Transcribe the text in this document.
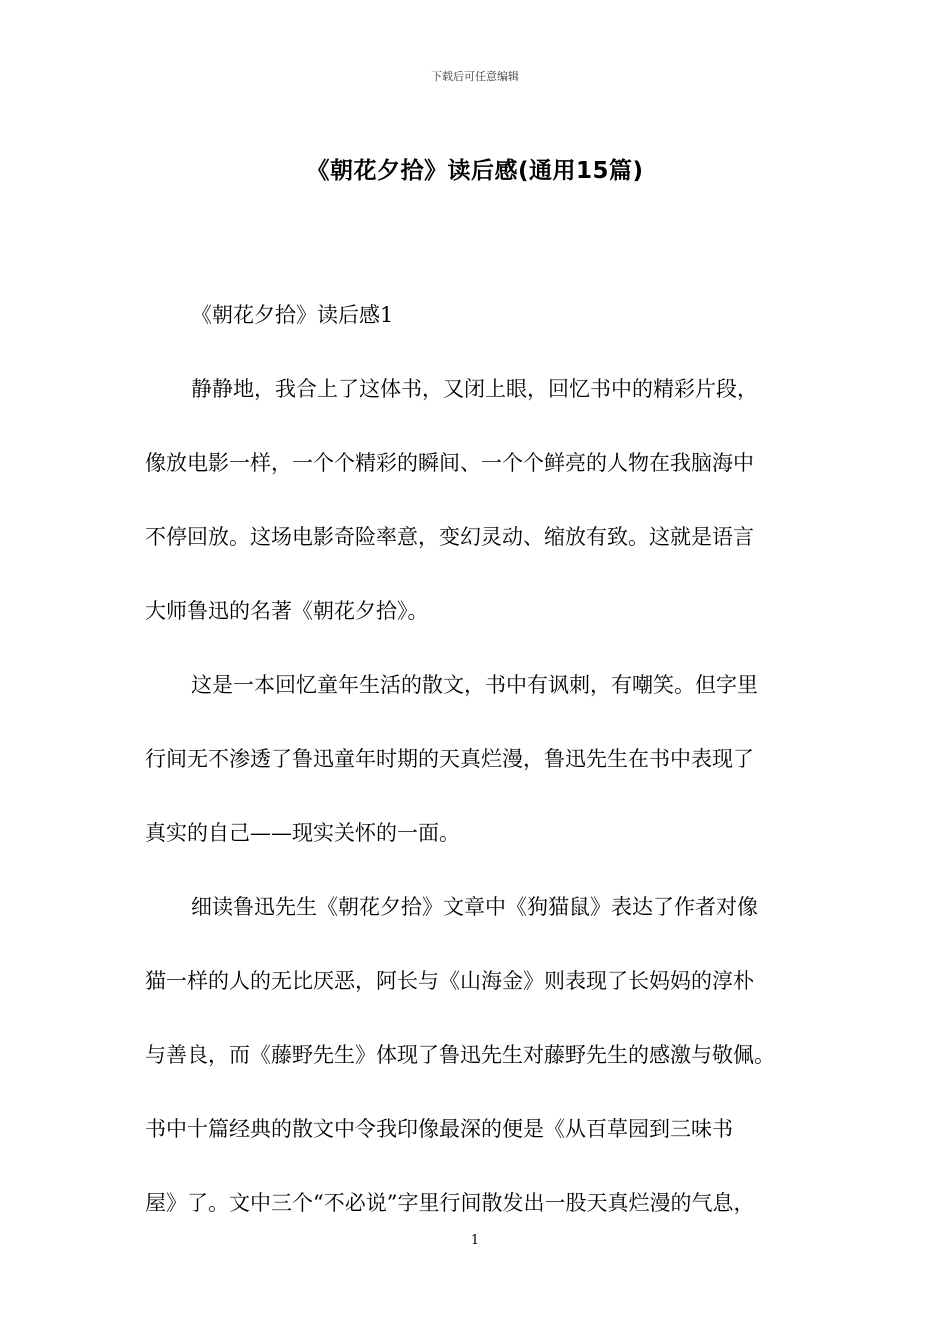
下载后可任意编辑
《朝花夕拾》读后感(通用15篇)
《朝花夕拾》读后感1
静静地，我合上了这体书，又闭上眼，回忆书中的精彩片段，
像放电影一样，一个个精彩的瞬间、一个个鲜亮的人物在我脑海中
不停回放。这场电影奇险率意，变幻灵动、缩放有致。这就是语言
大师鲁迅的名著《朝花夕拾》。
这是一本回忆童年生活的散文，书中有讽刺，有嘲笑。但字里
行间无不渗透了鲁迅童年时期的天真烂漫，鲁迅先生在书中表现了
真实的自己——现实关怀的一面。
细读鲁迅先生《朝花夕拾》文章中《狗猫鼠》表达了作者对像
猫一样的人的无比厌恶，阿长与《山海金》则表现了长妈妈的淳朴
与善良，而《藤野先生》体现了鲁迅先生对藤野先生的感激与敬佩。
书中十篇经典的散文中令我印像最深的便是《从百草园到三味书
屋》了。文中三个“不必说”字里行间散发出一股天真烂漫的气息，
1
